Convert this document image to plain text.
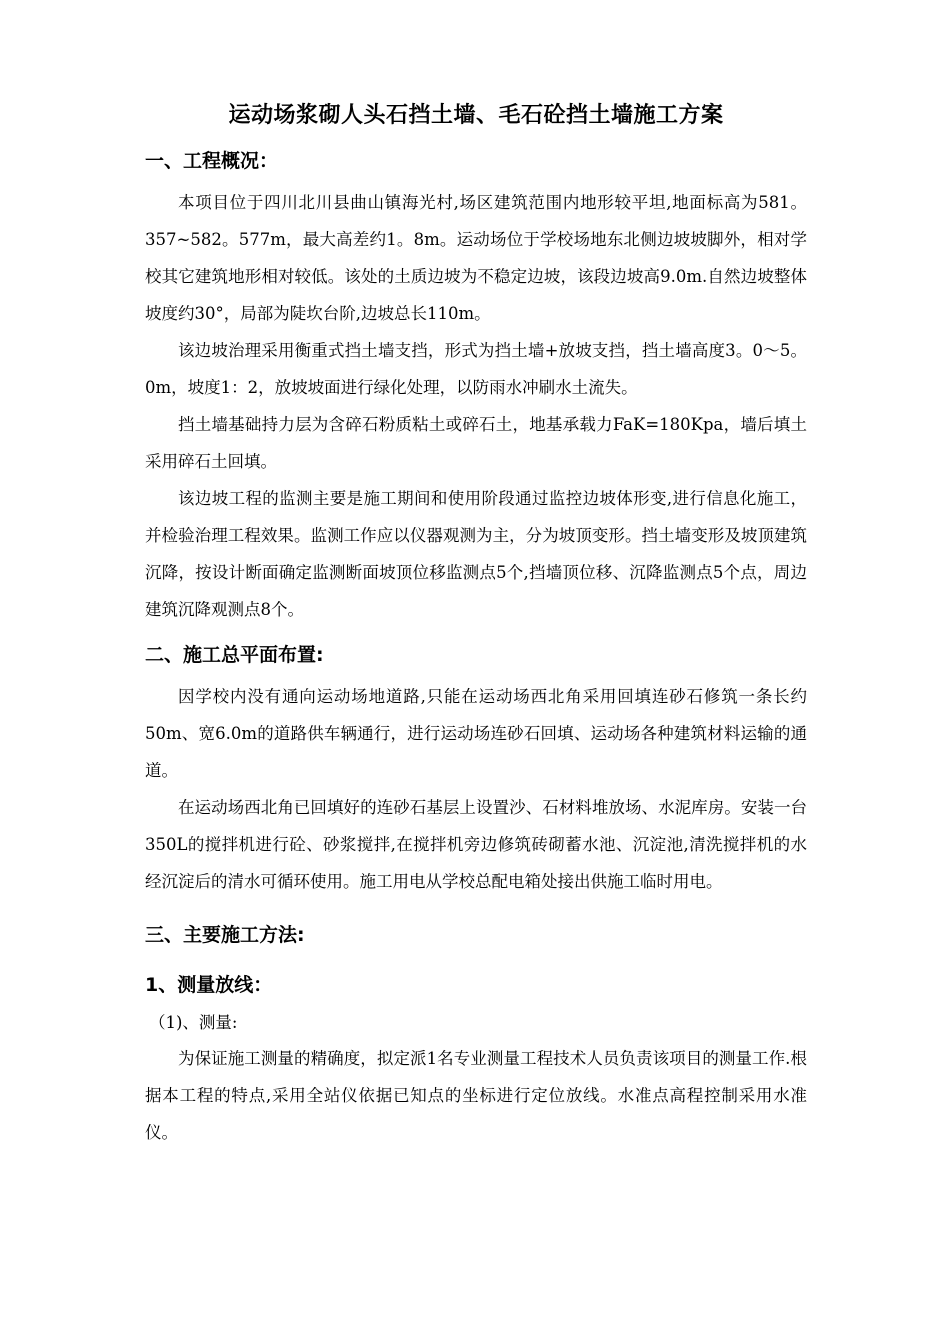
运动场浆砌人头石挡土墙、毛石砼挡土墙施工方案
一、工程概况：

本项目位于四川北川县曲山镇海光村,场区建筑范围内地形较平坦,地面标高为581。357~582。577m，最大高差约1。8m。运动场位于学校场地东北侧边坡坡脚外，相对学校其它建筑地形相对较低。该处的土质边坡为不稳定边坡，该段边坡高9.0m.自然边坡整体坡度约30°，局部为陡坎台阶,边坡总长110m。

该边坡治理采用衡重式挡土墙支挡，形式为挡土墙+放坡支挡，挡土墙高度3。0～5。0m，坡度1：2，放坡坡面进行绿化处理，以防雨水冲刷水土流失。

挡土墙基础持力层为含碎石粉质粘土或碎石土，地基承载力FaK=180Kpa，墙后填土采用碎石土回填。

该边坡工程的监测主要是施工期间和使用阶段通过监控边坡体形变,进行信息化施工，并检验治理工程效果。监测工作应以仪器观测为主，分为坡顶变形。挡土墙变形及坡顶建筑沉降，按设计断面确定监测断面坡顶位移监测点5个,挡墙顶位移、沉降监测点5个点，周边建筑沉降观测点8个。

二、施工总平面布置:

因学校内没有通向运动场地道路,只能在运动场西北角采用回填连砂石修筑一条长约50m、宽6.0m的道路供车辆通行，进行运动场连砂石回填、运动场各种建筑材料运输的通道。

在运动场西北角已回填好的连砂石基层上设置沙、石材料堆放场、水泥库房。安装一台350L的搅拌机进行砼、砂浆搅拌,在搅拌机旁边修筑砖砌蓄水池、沉淀池,清洗搅拌机的水经沉淀后的清水可循环使用。施工用电从学校总配电箱处接出供施工临时用电。

三、主要施工方法:
1、测量放线：
（1)、测量:

为保证施工测量的精确度，拟定派1名专业测量工程技术人员负责该项目的测量工作.根据本工程的特点,采用全站仪依据已知点的坐标进行定位放线。水准点高程控制采用水准仪。
